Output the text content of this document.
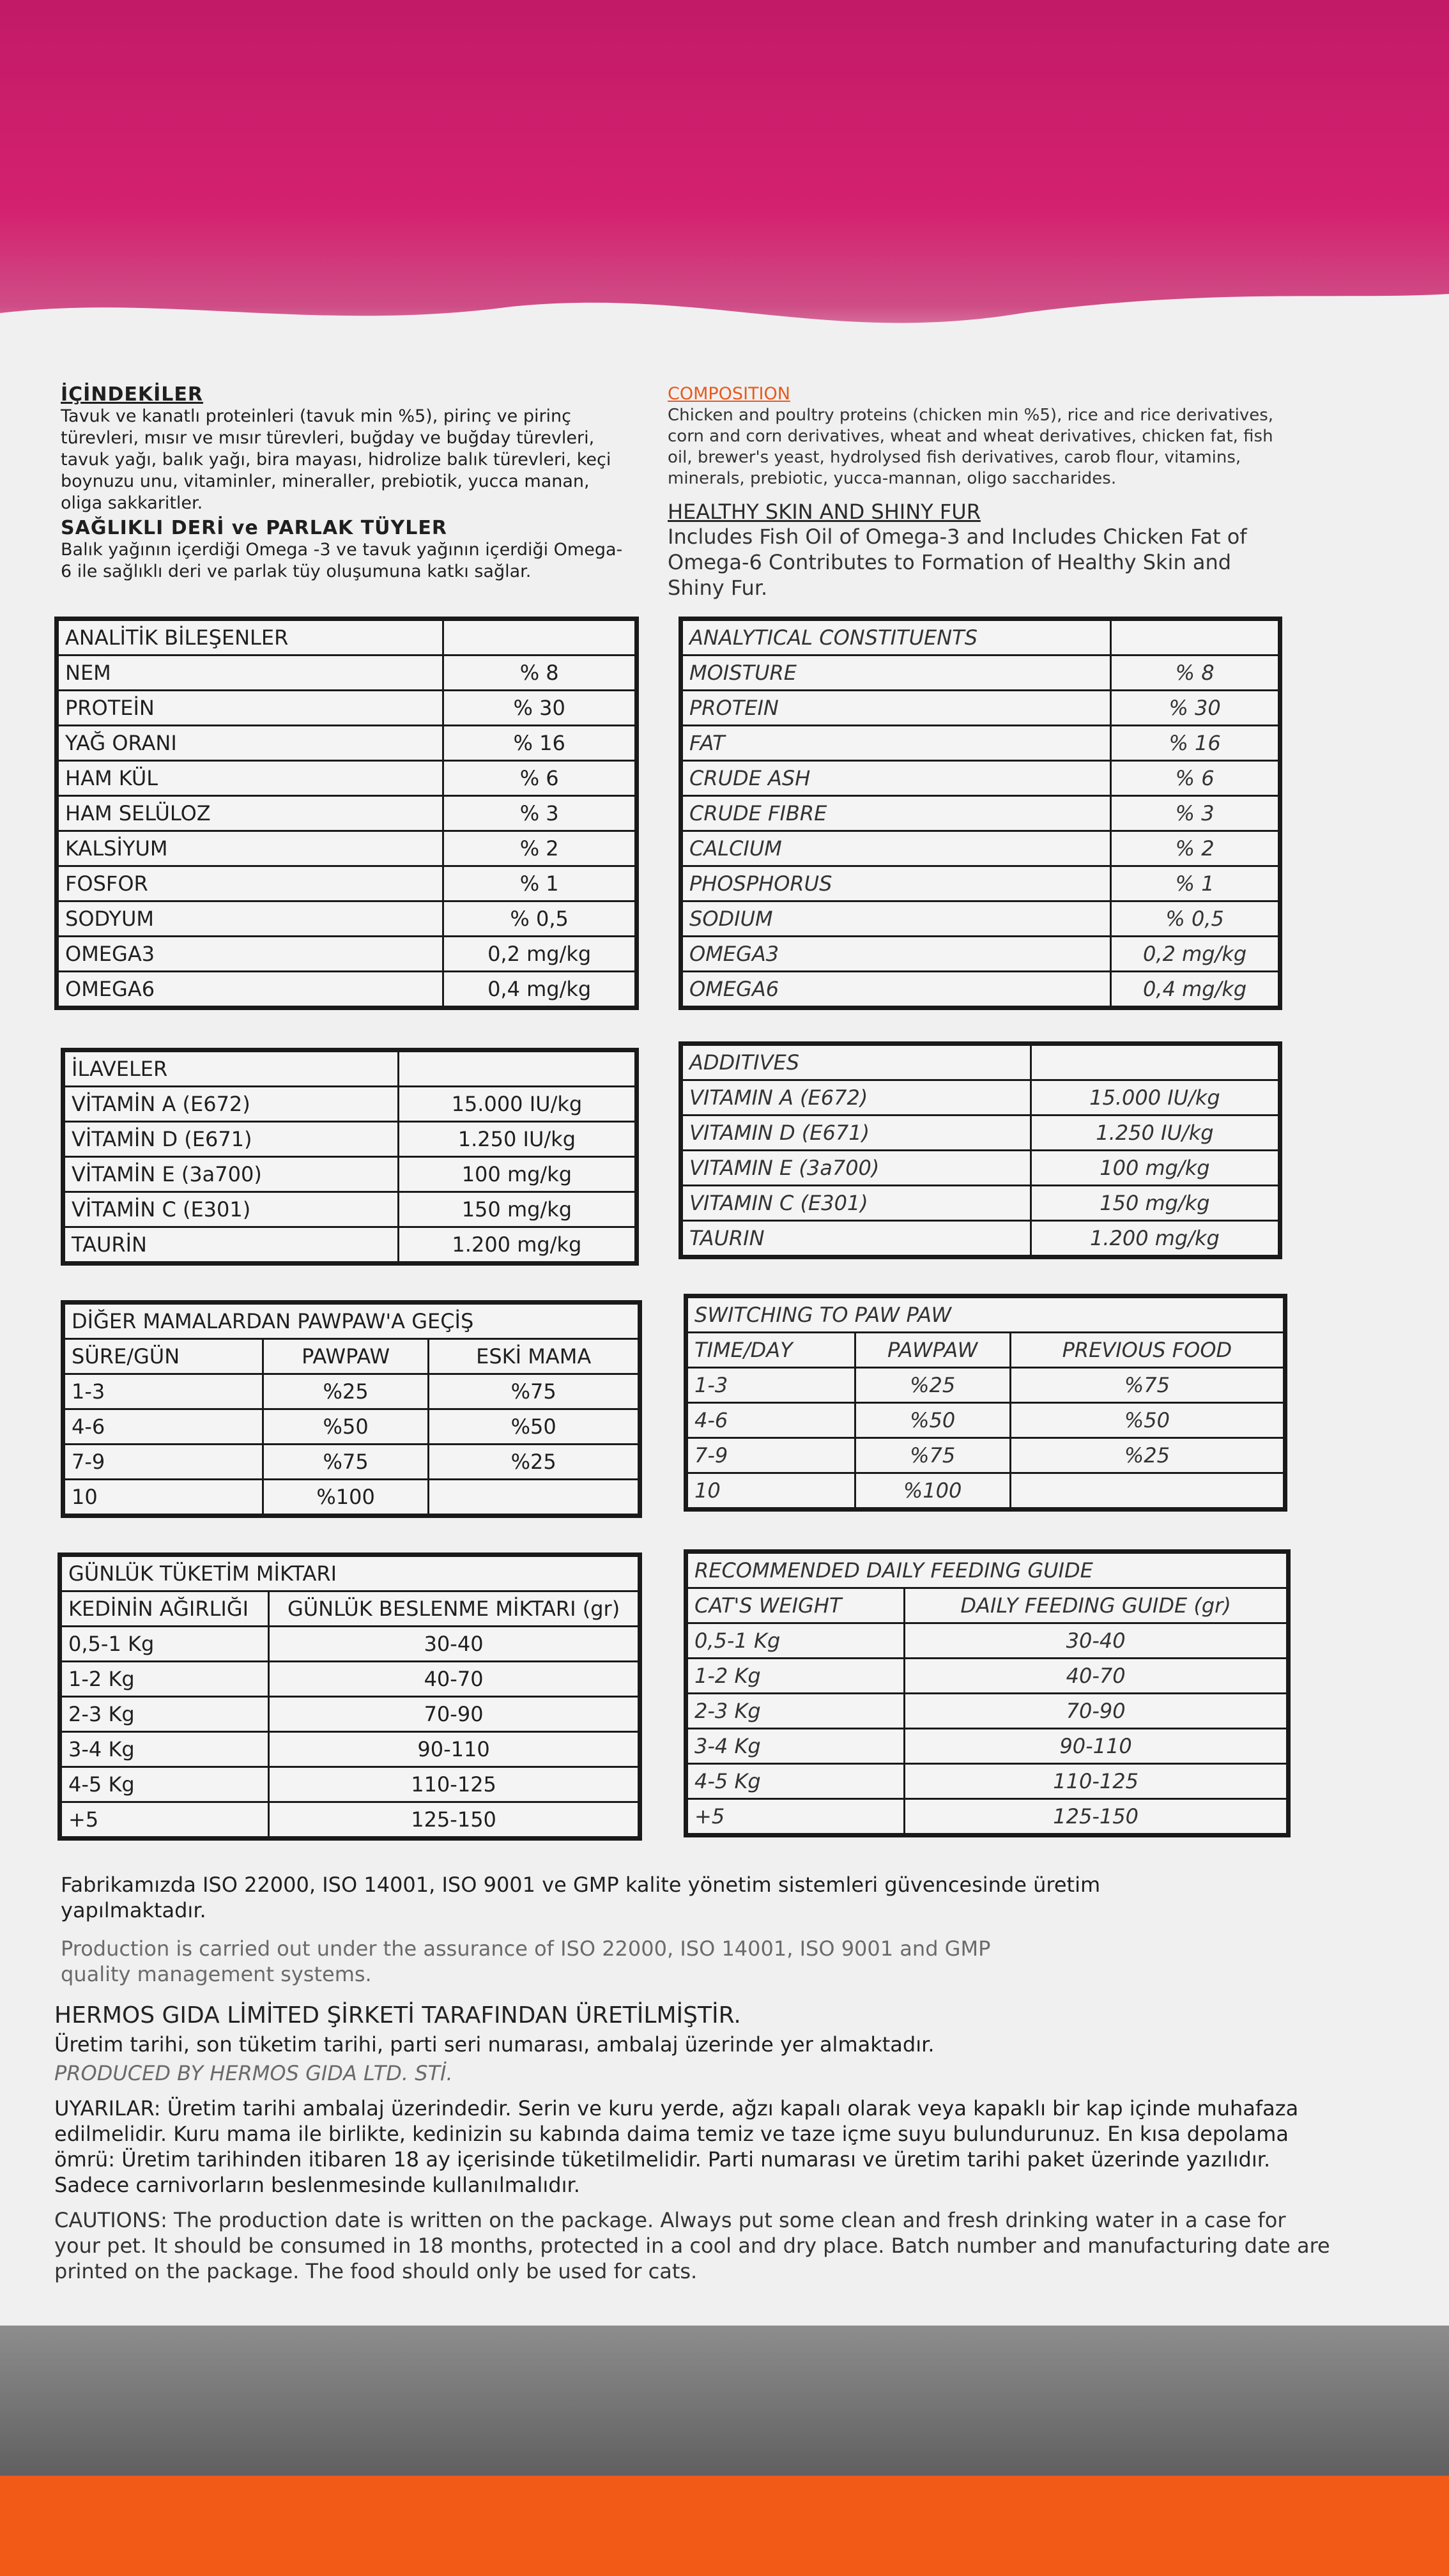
İÇİNDEKİLER
Tavuk ve kanatlı proteinleri (tavuk min %5), pirinç ve pirinç türevleri, mısır ve mısır türevleri, buğday ve buğday türevleri, tavuk yağı, balık yağı, bira mayası, hidrolize balık türevleri, keçi boynuzu unu, vitaminler, mineraller, prebiotik, yucca manan, oliga sakkaritler.
SAĞLIKLI DERİ ve PARLAK TÜYLER
Balık yağının içerdiği Omega -3 ve tavuk yağının içerdiği Omega- 6 ile sağlıklı deri ve parlak tüy oluşumuna katkı sağlar.
COMPOSITION
Chicken and poultry proteins (chicken min %5), rice and rice derivatives, corn and corn derivatives, wheat and wheat derivatives, chicken fat, fish oil, brewer's yeast, hydrolysed fish derivatives, carob flour, vitamins, minerals, prebiotic, yucca-mannan, oligo saccharides.
HEALTHY SKIN AND SHINY FUR
Includes Fish Oil of Omega-3 and Includes Chicken Fat of Omega-6 Contributes to Formation of Healthy Skin and Shiny Fur.
ANALİTİK BİLEŞENLER	
NEM	% 8
PROTEİN	% 30
YAĞ ORANI	% 16
HAM KÜL	% 6
HAM SELÜLOZ	% 3
KALSİYUM	% 2
FOSFOR	% 1
SODYUM	% 0,5
OMEGA3	0,2 mg/kg
OMEGA6	0,4 mg/kg
ANALYTICAL CONSTITUENTS	
MOISTURE	% 8
PROTEIN	% 30
FAT	% 16
CRUDE ASH	% 6
CRUDE FIBRE	% 3
CALCIUM	% 2
PHOSPHORUS	% 1
SODIUM	% 0,5
OMEGA3	0,2 mg/kg
OMEGA6	0,4 mg/kg
İLAVELER	
VİTAMİN A (E672)	15.000 IU/kg
VİTAMİN D (E671)	1.250 IU/kg
VİTAMİN E (3a700)	100 mg/kg
VİTAMİN C (E301)	150 mg/kg
TAURİN	1.200 mg/kg
ADDITIVES	
VITAMIN A (E672)	15.000 IU/kg
VITAMIN D (E671)	1.250 IU/kg
VITAMIN E (3a700)	100 mg/kg
VITAMIN C (E301)	150 mg/kg
TAURIN	1.200 mg/kg
DİĞER MAMALARDAN PAWPAW'A GEÇİŞ		
SÜRE/GÜN	PAWPAW	ESKİ MAMA
1-3	%25	%75
4-6	%50	%50
7-9	%75	%25
10	%100	
SWITCHING TO PAW PAW		
TIME/DAY	PAWPAW	PREVIOUS FOOD
1-3	%25	%75
4-6	%50	%50
7-9	%75	%25
10	%100	
GÜNLÜK TÜKETİM MİKTARI	
KEDİNİN AĞIRLIĞI	GÜNLÜK BESLENME MİKTARI (gr)
0,5-1 Kg	30-40
1-2 Kg	40-70
2-3 Kg	70-90
3-4 Kg	90-110
4-5 Kg	110-125
+5	125-150
RECOMMENDED DAILY FEEDING GUIDE	
CAT'S WEIGHT	DAILY FEEDING GUIDE (gr)
0,5-1 Kg	30-40
1-2 Kg	40-70
2-3 Kg	70-90
3-4 Kg	90-110
4-5 Kg	110-125
+5	125-150
Fabrikamızda ISO 22000, ISO 14001, ISO 9001 ve GMP kalite yönetim sistemleri güvencesinde üretim yapılmaktadır.
Production is carried out under the assurance of ISO 22000, ISO 14001, ISO 9001 and GMP quality management systems.
HERMOS GIDA LİMİTED ŞİRKETİ TARAFINDAN ÜRETİLMİŞTİR.
Üretim tarihi, son tüketim tarihi, parti seri numarası, ambalaj üzerinde yer almaktadır.
PRODUCED BY HERMOS GIDA LTD. STİ.
UYARILAR: Üretim tarihi ambalaj üzerindedir. Serin ve kuru yerde, ağzı kapalı olarak veya kapaklı bir kap içinde muhafaza edilmelidir. Kuru mama ile birlikte, kedinizin su kabında daima temiz ve taze içme suyu bulundurunuz. En kısa depolama ömrü: Üretim tarihinden itibaren 18 ay içerisinde tüketilmelidir. Parti numarası ve üretim tarihi paket üzerinde yazılıdır. Sadece carnivorların beslenmesinde kullanılmalıdır.
CAUTIONS: The production date is written on the package. Always put some clean and fresh drinking water in a case for your pet. It should be consumed in 18 months, protected in a cool and dry place. Batch number and manufacturing date are printed on the package. The food should only be used for cats.
